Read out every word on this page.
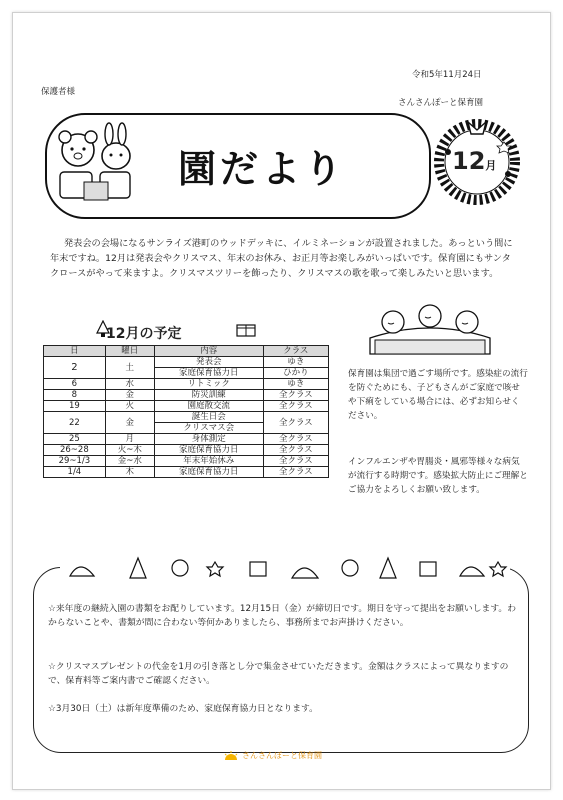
令和5年11月24日
保護者様
さんさんぽーと保育園
園だより	12月
発表会の会場になるサンライズ港町のウッドデッキに、イルミネーションが設置されました。あっという間に年末ですね。12月は発表会やクリスマス、年末のお休み、お正月等お楽しみがいっぱいです。保育園にもサンタクロースがやって来ますよ。クリスマスツリーを飾ったり、クリスマスの歌を歌って楽しみたいと思います。
12月の予定
日	曜日	内容	クラス
2	土	発表会	ゆき
		家庭保育協力日	ひかり
6	水	リトミック	ゆき
8	金	防災訓練	全クラス
19	火	園庭散交流	全クラス
22	金	誕生日会	全クラス
		クリスマス会	
25	月	身体測定	全クラス
26~28	火~木	家庭保育協力日	全クラス
29~1/3	金~水	年末年始休み	全クラス
1/4	木	家庭保育協力日	全クラス
保育園は集団で過ごす場所です。感染症の流行を防ぐためにも、子どもさんがご家庭で咳せや下痢をしている場合には、必ずお知らせください。
インフルエンザや胃腸炎・風邪等様々な病気が流行する時期です。感染拡大防止にご理解とご協力をよろしくお願い致します。
☆来年度の継続入園の書類をお配りしています。12月15日（金）が締切日です。期日を守って提出をお願いします。わからないことや、書類が間に合わない等何かありましたら、事務所までお声掛けください。
☆クリスマスプレゼントの代金を1月の引き落とし分で集金させていただきます。金額はクラスによって異なりますので、保育料等ご案内書でご確認ください。
☆3月30日（土）は新年度準備のため、家庭保育協力日となります。
さんさんぽーと保育園
